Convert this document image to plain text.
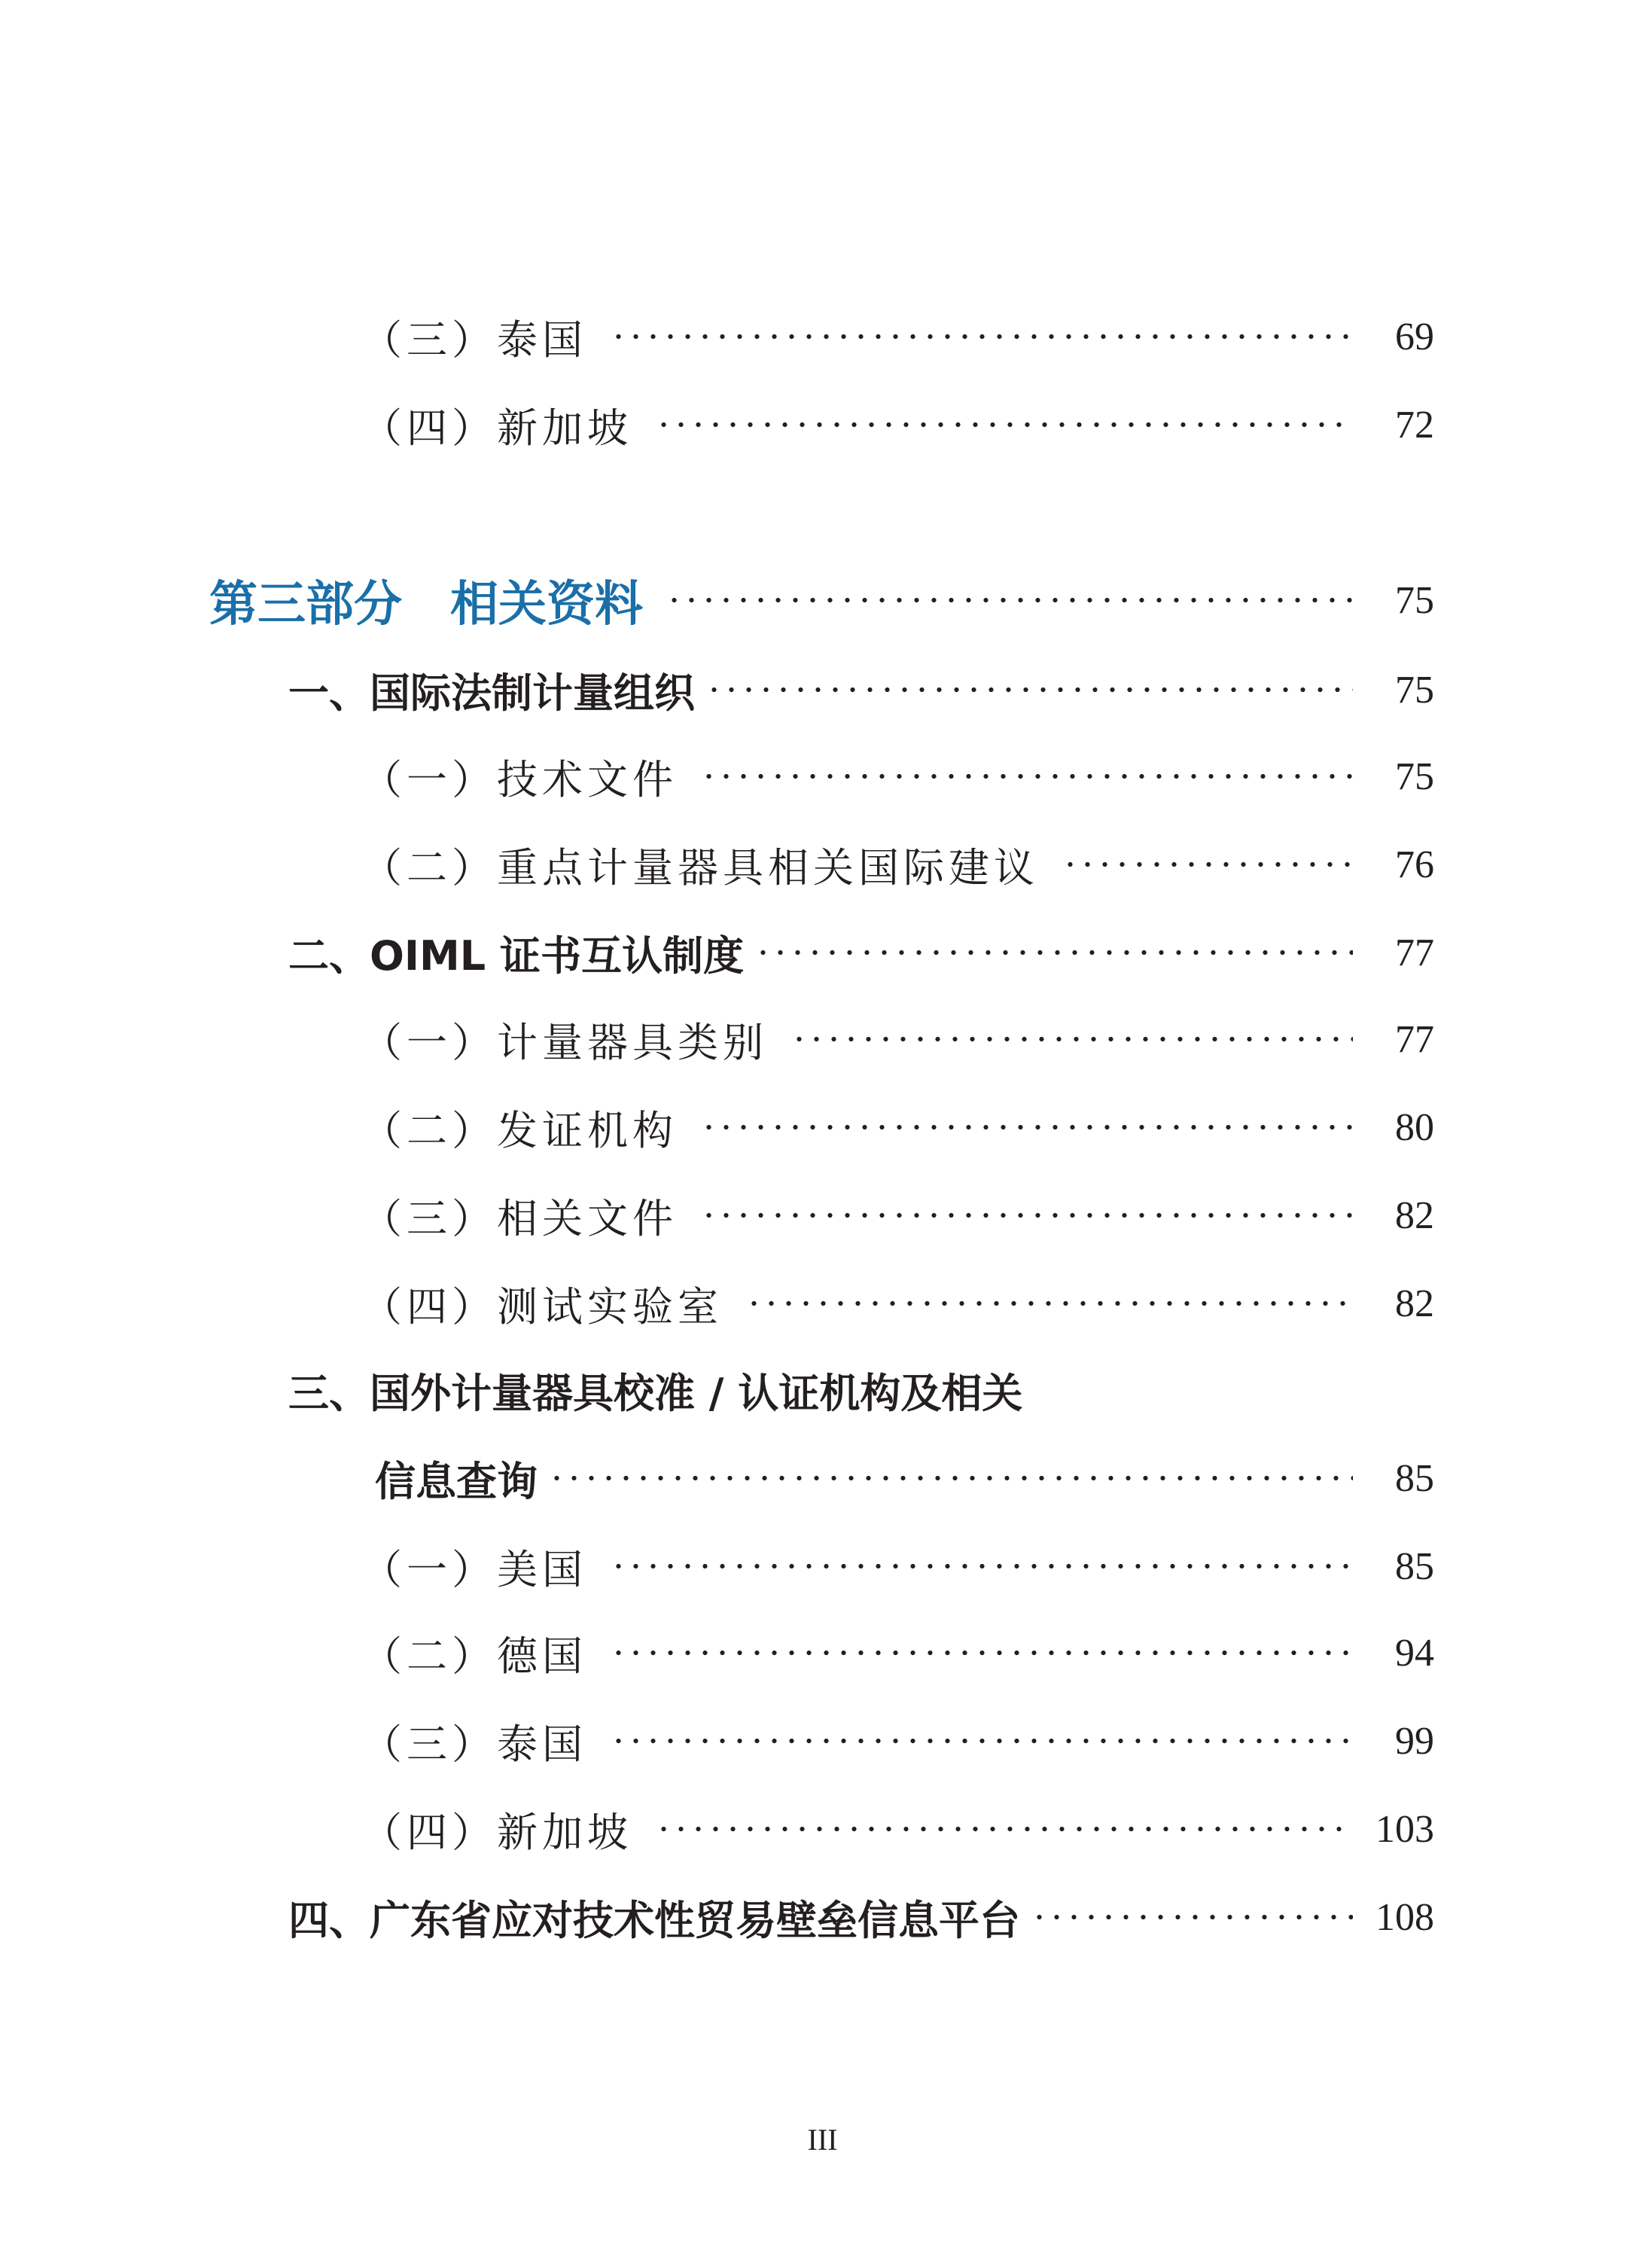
（三）泰国	69
（四）新加坡	72
第三部分 相关资料	75
一、国际法制计量组织	75
（一）技术文件	75
（二）重点计量器具相关国际建议	76
二、OIML 证书互认制度	77
（一）计量器具类别	77
（二）发证机构	80
（三）相关文件	82
（四）测试实验室	82
三、国外计量器具校准 / 认证机构及相关
信息查询	85
（一）美国	85
（二）德国	94
（三）泰国	99
（四）新加坡	103
四、广东省应对技术性贸易壁垒信息平台	108
III
